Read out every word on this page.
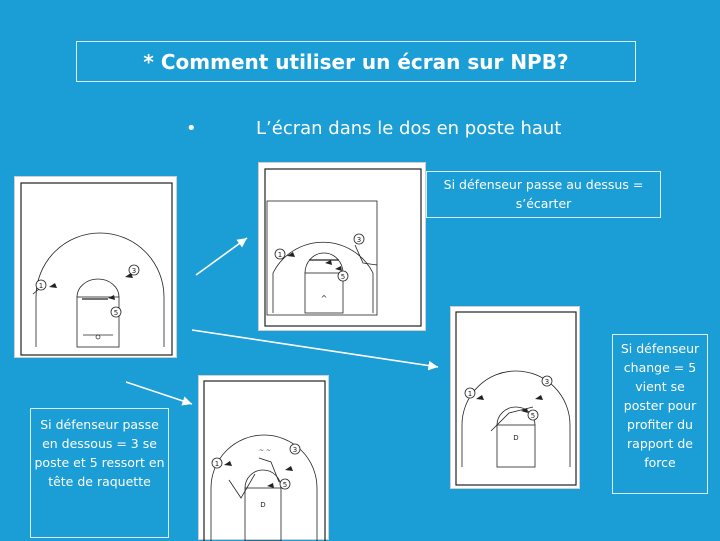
* Comment utiliser un écran sur NPB?
•	L’écran dans le dos en poste haut
1
3
5
^
1
3
5
~ ~
D
1
3
5
D
1
3
5
Si défenseur passe au dessus = s’écarter
Si défenseur passe en dessous = 3 se poste et 5 ressort en tête de raquette
Si défenseur change = 5 vient se poster pour profiter du rapport de force
